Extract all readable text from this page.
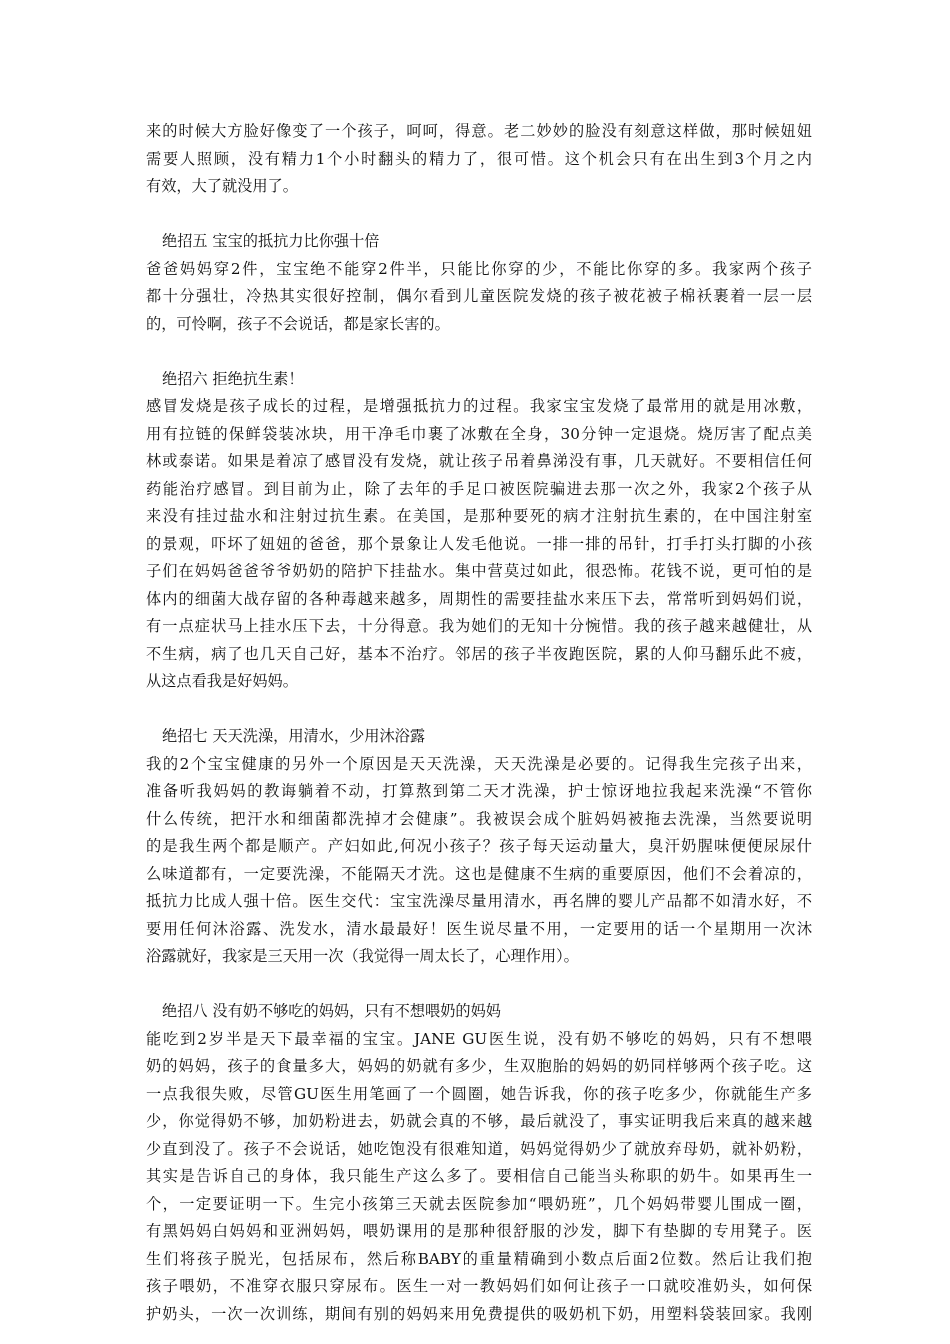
来的时候大方脸好像变了一个孩子，呵呵，得意。老二妙妙的脸没有刻意这样做，那时候妞妞
需要人照顾，没有精力1个小时翻头的精力了，很可惜。这个机会只有在出生到3个月之内
有效，大了就没用了。
绝招五 宝宝的抵抗力比你强十倍
爸爸妈妈穿2件，宝宝绝不能穿2件半，只能比你穿的少，不能比你穿的多。我家两个孩子
都十分强壮，冷热其实很好控制，偶尔看到儿童医院发烧的孩子被花被子棉袄裹着一层一层
的，可怜啊，孩子不会说话，都是家长害的。
绝招六 拒绝抗生素！
感冒发烧是孩子成长的过程，是增强抵抗力的过程。我家宝宝发烧了最常用的就是用冰敷，
用有拉链的保鲜袋装冰块，用干净毛巾裹了冰敷在全身，30分钟一定退烧。烧厉害了配点美
林或泰诺。如果是着凉了感冒没有发烧，就让孩子吊着鼻涕没有事，几天就好。不要相信任何
药能治疗感冒。到目前为止，除了去年的手足口被医院骗进去那一次之外，我家2个孩子从
来没有挂过盐水和注射过抗生素。在美国，是那种要死的病才注射抗生素的，在中国注射室
的景观，吓坏了妞妞的爸爸，那个景象让人发毛他说。一排一排的吊针，打手打头打脚的小孩
子们在妈妈爸爸爷爷奶奶的陪护下挂盐水。集中营莫过如此，很恐怖。花钱不说，更可怕的是
体内的细菌大战存留的各种毒越来越多，周期性的需要挂盐水来压下去，常常听到妈妈们说，
有一点症状马上挂水压下去，十分得意。我为她们的无知十分惋惜。我的孩子越来越健壮，从
不生病，病了也几天自己好，基本不治疗。邻居的孩子半夜跑医院，累的人仰马翻乐此不疲，
从这点看我是好妈妈。
绝招七 天天洗澡，用清水，少用沐浴露
我的2个宝宝健康的另外一个原因是天天洗澡，天天洗澡是必要的。记得我生完孩子出来，
准备听我妈妈的教诲躺着不动，打算熬到第二天才洗澡，护士惊讶地拉我起来洗澡“不管你
什么传统，把汗水和细菌都洗掉才会健康”。我被误会成个脏妈妈被拖去洗澡，当然要说明
的是我生两个都是顺产。产妇如此,何况小孩子？孩子每天运动量大，臭汗奶腥味便便尿尿什
么味道都有，一定要洗澡，不能隔天才洗。这也是健康不生病的重要原因，他们不会着凉的，
抵抗力比成人强十倍。医生交代：宝宝洗澡尽量用清水，再名牌的婴儿产品都不如清水好，不
要用任何沐浴露、洗发水，清水最最好！医生说尽量不用，一定要用的话一个星期用一次沐
浴露就好，我家是三天用一次（我觉得一周太长了，心理作用）。
绝招八 没有奶不够吃的妈妈，只有不想喂奶的妈妈
能吃到2岁半是天下最幸福的宝宝。JANE GU医生说，没有奶不够吃的妈妈，只有不想喂
奶的妈妈，孩子的食量多大，妈妈的奶就有多少，生双胞胎的妈妈的奶同样够两个孩子吃。这
一点我很失败，尽管GU医生用笔画了一个圆圈，她告诉我，你的孩子吃多少，你就能生产多
少，你觉得奶不够，加奶粉进去，奶就会真的不够，最后就没了，事实证明我后来真的越来越
少直到没了。孩子不会说话，她吃饱没有很难知道，妈妈觉得奶少了就放弃母奶，就补奶粉，
其实是告诉自己的身体，我只能生产这么多了。要相信自己能当头称职的奶牛。如果再生一
个，一定要证明一下。生完小孩第三天就去医院参加“喂奶班”，几个妈妈带婴儿围成一圈，
有黑妈妈白妈妈和亚洲妈妈，喂奶课用的是那种很舒服的沙发，脚下有垫脚的专用凳子。医
生们将孩子脱光，包括尿布，然后称BABY的重量精确到小数点后面2位数。然后让我们抱
孩子喂奶，不准穿衣服只穿尿布。医生一对一教妈妈们如何让孩子一口就咬准奶头，如何保
护奶头，一次一次训练，期间有别的妈妈来用免费提供的吸奶机下奶，用塑料袋装回家。我刚
